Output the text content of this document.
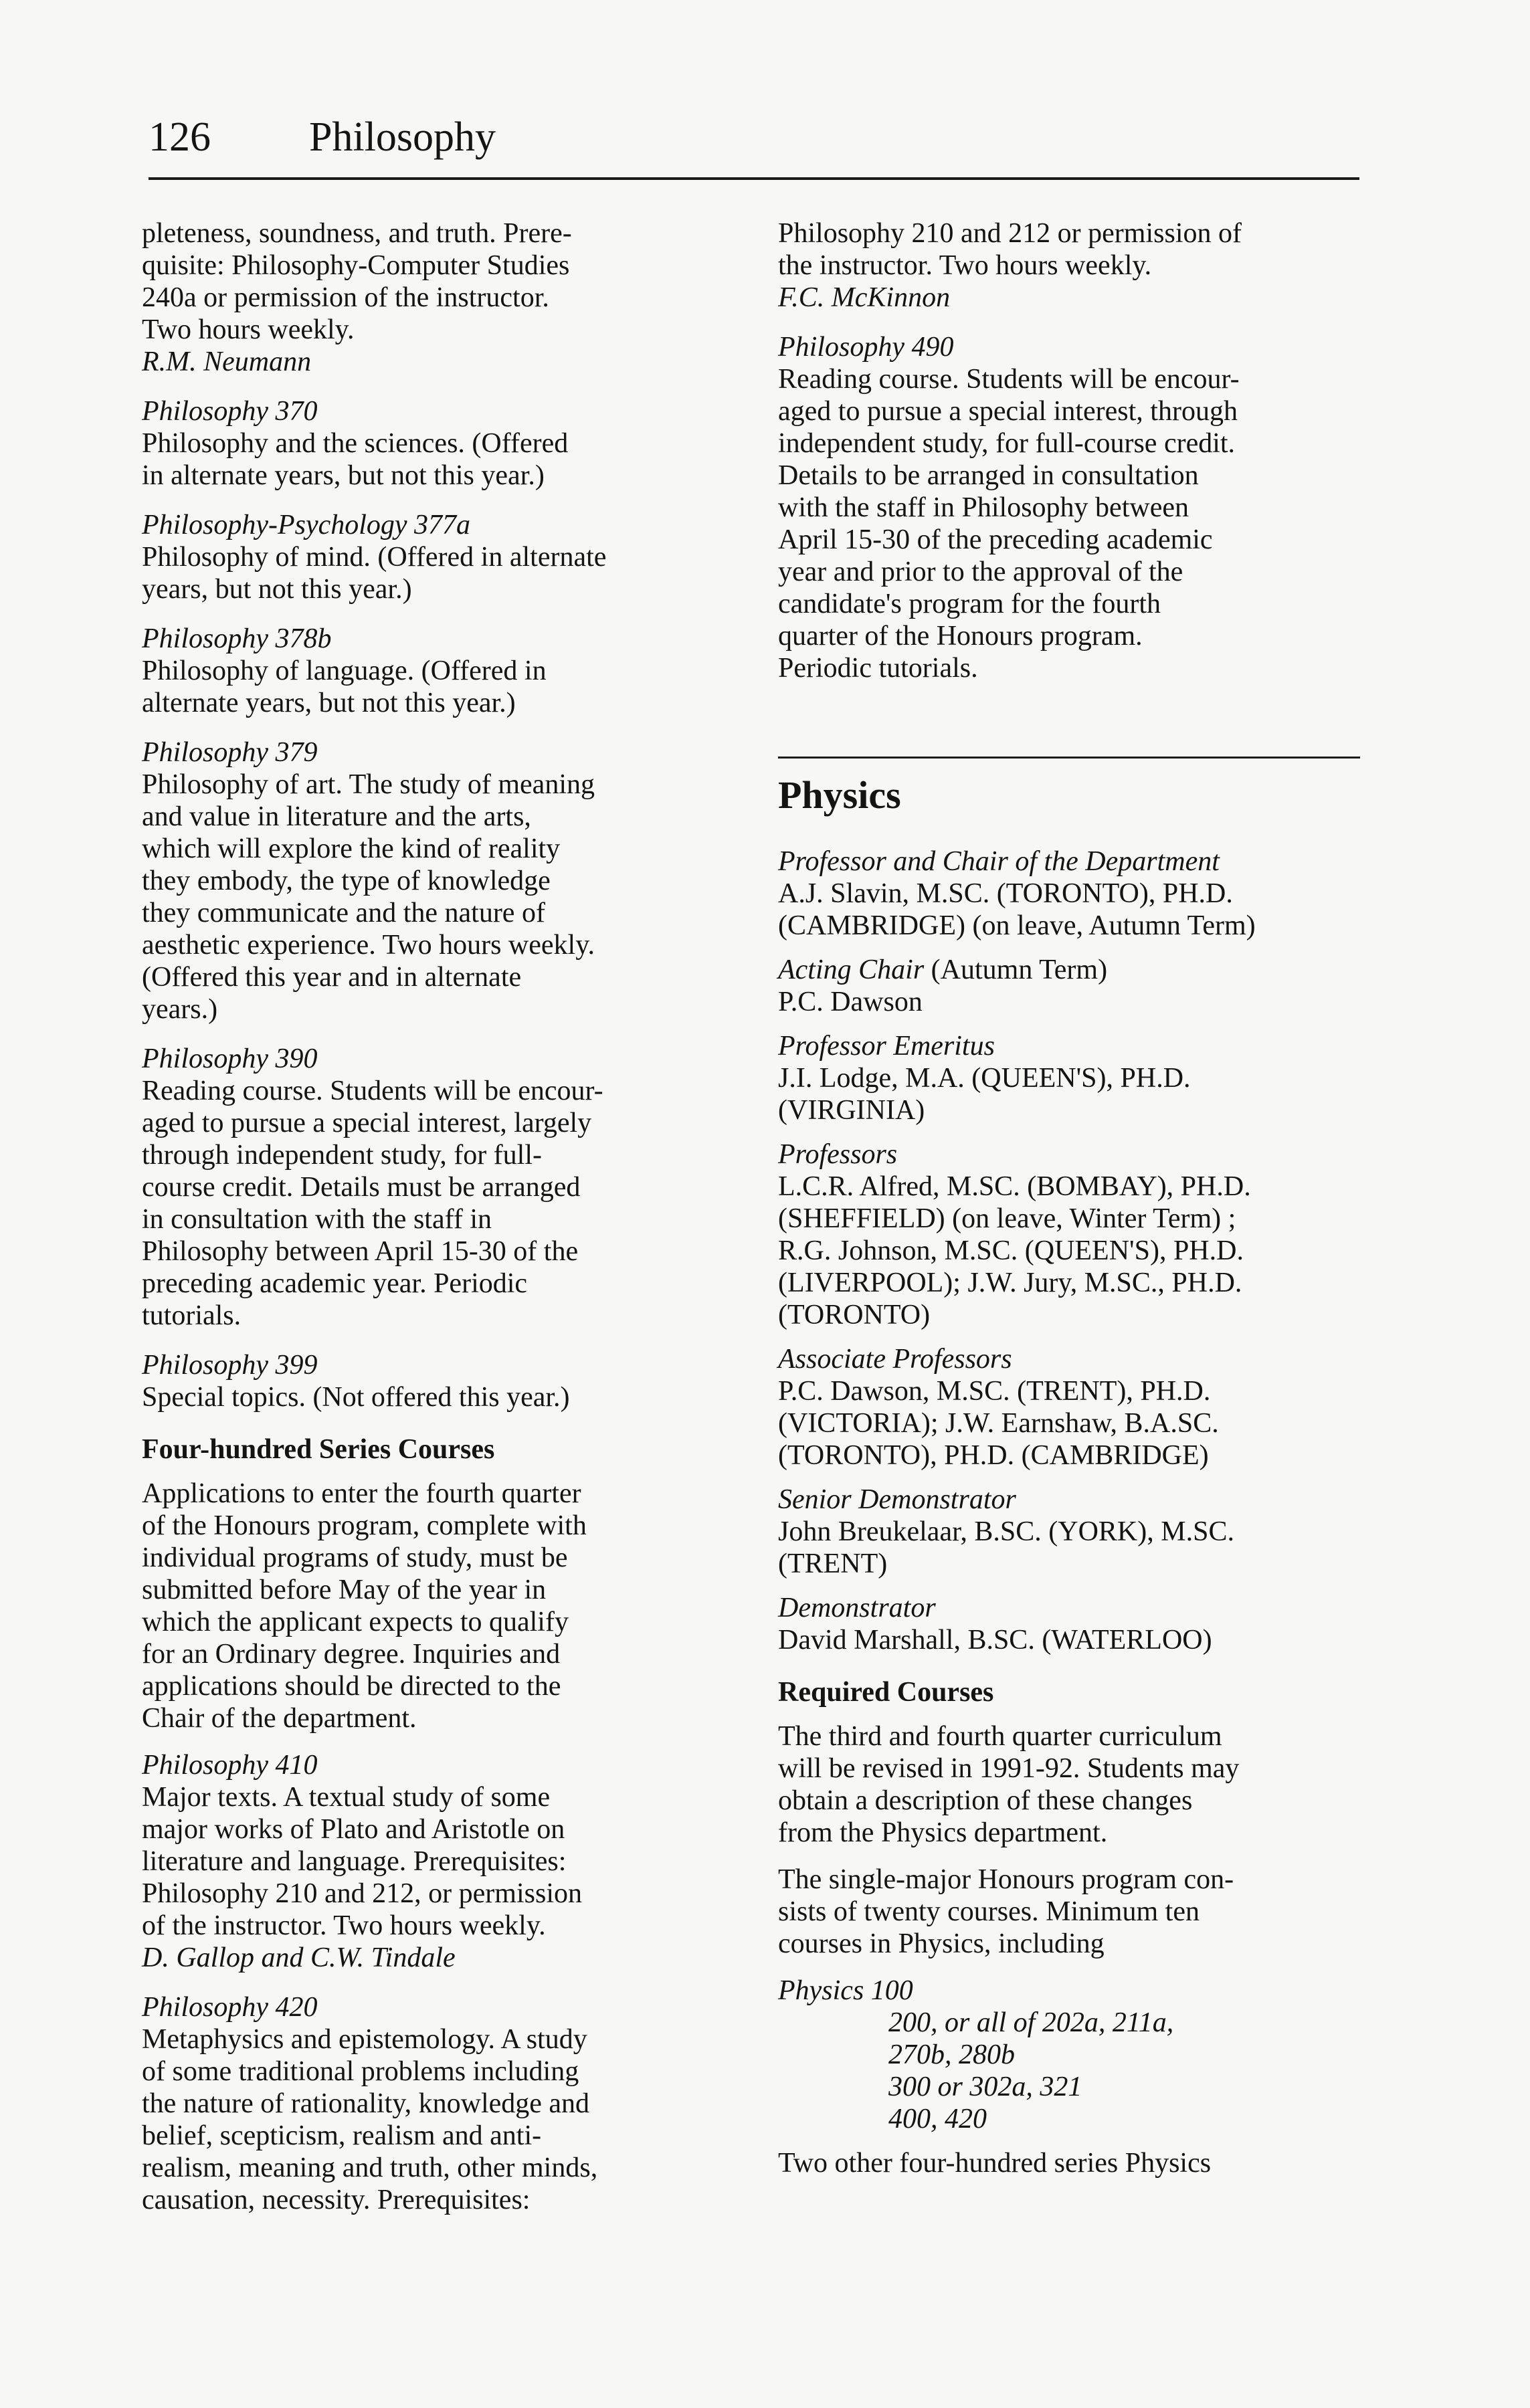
126 Philosophy
pleteness, soundness, and truth. Prere-
quisite: Philosophy-Computer Studies
240a or permission of the instructor.
Two hours weekly.
R.M. Neumann
Philosophy 370
Philosophy and the sciences. (Offered
in alternate years, but not this year.)
Philosophy-Psychology 377a
Philosophy of mind. (Offered in alternate
years, but not this year.)
Philosophy 378b
Philosophy of language. (Offered in
alternate years, but not this year.)
Philosophy 379
Philosophy of art. The study of meaning
and value in literature and the arts,
which will explore the kind of reality
they embody, the type of knowledge
they communicate and the nature of
aesthetic experience. Two hours weekly.
(Offered this year and in alternate
years.)
Philosophy 390
Reading course. Students will be encour-
aged to pursue a special interest, largely
through independent study, for full-
course credit. Details must be arranged
in consultation with the staff in
Philosophy between April 15-30 of the
preceding academic year. Periodic
tutorials.
Philosophy 399
Special topics. (Not offered this year.)
Four-hundred Series Courses
Applications to enter the fourth quarter
of the Honours program, complete with
individual programs of study, must be
submitted before May of the year in
which the applicant expects to qualify
for an Ordinary degree. Inquiries and
applications should be directed to the
Chair of the department.
Philosophy 410
Major texts. A textual study of some
major works of Plato and Aristotle on
literature and language. Prerequisites:
Philosophy 210 and 212, or permission
of the instructor. Two hours weekly.
D. Gallop and C.W. Tindale
Philosophy 420
Metaphysics and epistemology. A study
of some traditional problems including
the nature of rationality, knowledge and
belief, scepticism, realism and anti-
realism, meaning and truth, other minds,
causation, necessity. Prerequisites:
Philosophy 210 and 212 or permission of
the instructor. Two hours weekly.
F.C. McKinnon
Philosophy 490
Reading course. Students will be encour-
aged to pursue a special interest, through
independent study, for full-course credit.
Details to be arranged in consultation
with the staff in Philosophy between
April 15-30 of the preceding academic
year and prior to the approval of the
candidate's program for the fourth
quarter of the Honours program.
Periodic tutorials.
Physics
Professor and Chair of the Department
A.J. Slavin, M.SC. (TORONTO), PH.D.
(CAMBRIDGE) (on leave, Autumn Term)
Acting Chair (Autumn Term)
P.C. Dawson
Professor Emeritus
J.I. Lodge, M.A. (QUEEN'S), PH.D.
(VIRGINIA)
Professors
L.C.R. Alfred, M.SC. (BOMBAY), PH.D.
(SHEFFIELD) (on leave, Winter Term) ;
R.G. Johnson, M.SC. (QUEEN'S), PH.D.
(LIVERPOOL); J.W. Jury, M.SC., PH.D.
(TORONTO)
Associate Professors
P.C. Dawson, M.SC. (TRENT), PH.D.
(VICTORIA); J.W. Earnshaw, B.A.SC.
(TORONTO), PH.D. (CAMBRIDGE)
Senior Demonstrator
John Breukelaar, B.SC. (YORK), M.SC.
(TRENT)
Demonstrator
David Marshall, B.SC. (WATERLOO)
Required Courses
The third and fourth quarter curriculum
will be revised in 1991-92. Students may
obtain a description of these changes
from the Physics department.
The single-major Honours program con-
sists of twenty courses. Minimum ten
courses in Physics, including
Physics 100
200, or all of 202a, 211a,
270b, 280b
300 or 302a, 321
400, 420
Two other four-hundred series Physics
